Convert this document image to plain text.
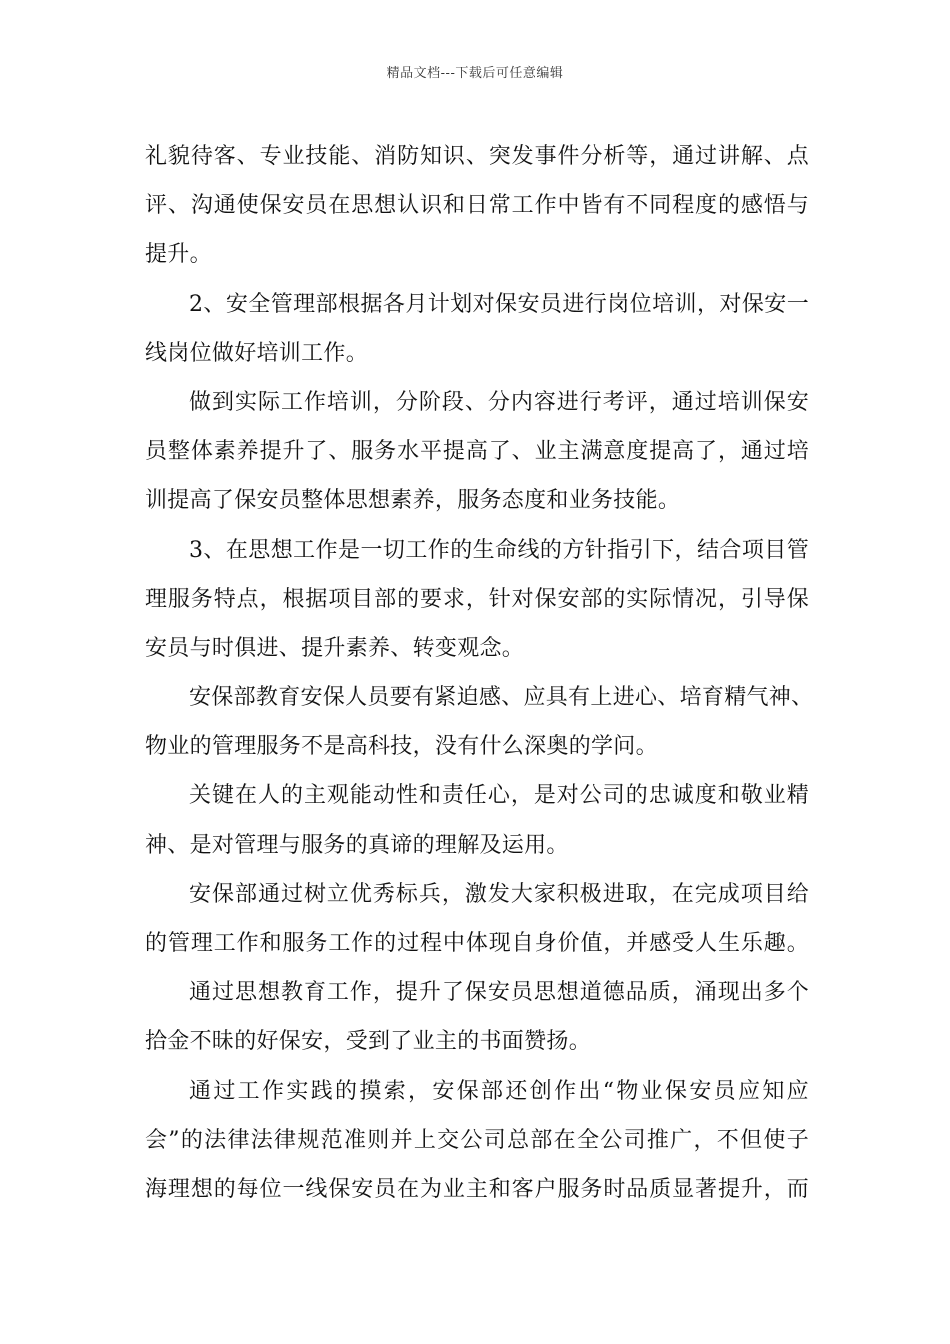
精品文档---下载后可任意编辑
礼貌待客、专业技能、消防知识、突发事件分析等，通过讲解、点
评、沟通使保安员在思想认识和日常工作中皆有不同程度的感悟与
提升。
2、安全管理部根据各月计划对保安员进行岗位培训，对保安一
线岗位做好培训工作。
做到实际工作培训，分阶段、分内容进行考评，通过培训保安
员整体素养提升了、服务水平提高了、业主满意度提高了，通过培
训提高了保安员整体思想素养，服务态度和业务技能。
3、在思想工作是一切工作的生命线的方针指引下，结合项目管
理服务特点，根据项目部的要求，针对保安部的实际情况，引导保
安员与时俱进、提升素养、转变观念。
安保部教育安保人员要有紧迫感、应具有上进心、培育精气神、
物业的管理服务不是高科技，没有什么深奥的学问。
关键在人的主观能动性和责任心，是对公司的忠诚度和敬业精
神、是对管理与服务的真谛的理解及运用。
安保部通过树立优秀标兵，激发大家积极进取，在完成项目给
的管理工作和服务工作的过程中体现自身价值，并感受人生乐趣。
通过思想教育工作，提升了保安员思想道德品质，涌现出多个
拾金不昧的好保安，受到了业主的书面赞扬。
通过工作实践的摸索，安保部还创作出“物业保安员应知应
会”的法律法律规范准则并上交公司总部在全公司推广，不但使子
海理想的每位一线保安员在为业主和客户服务时品质显著提升，而
